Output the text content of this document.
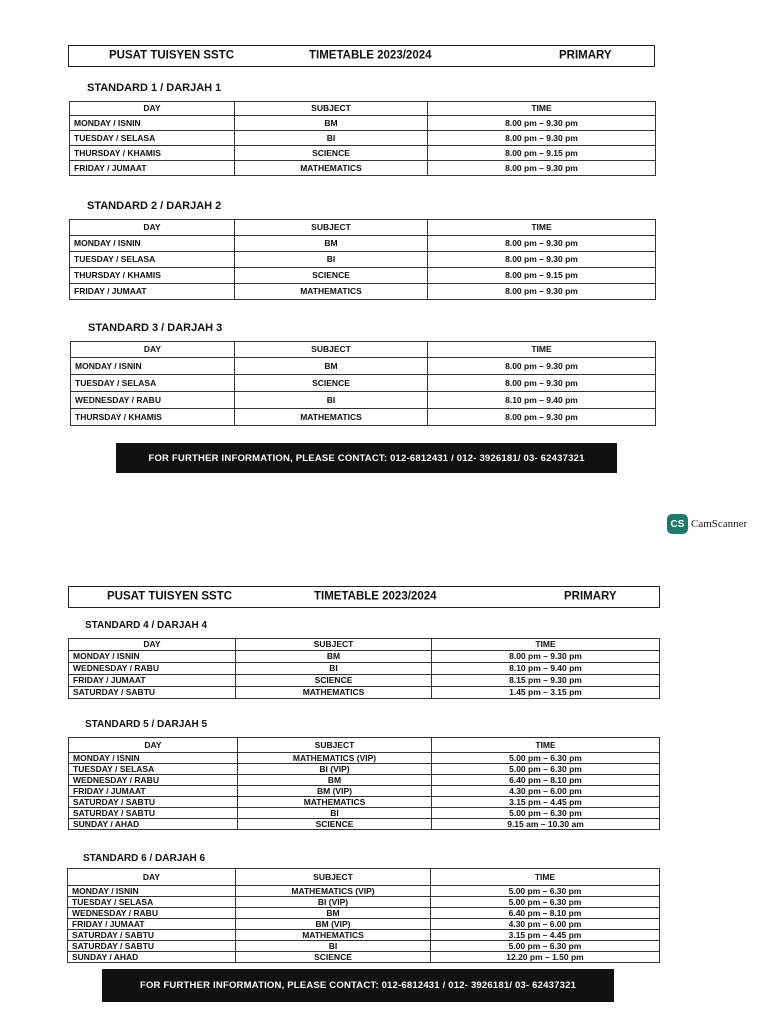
PUSAT TUISYEN SSTC	TIMETABLE 2023/2024	PRIMARY
STANDARD 1 / DARJAH 1
DAY	SUBJECT	TIME
MONDAY / ISNIN	BM	8.00 pm – 9.30 pm
TUESDAY / SELASA	BI	8.00 pm – 9.30 pm
THURSDAY / KHAMIS	SCIENCE	8.00 pm – 9.15 pm
FRIDAY / JUMAAT	MATHEMATICS	8.00 pm – 9.30 pm
STANDARD 2 / DARJAH 2
DAY	SUBJECT	TIME
MONDAY / ISNIN	BM	8.00 pm – 9.30 pm
TUESDAY / SELASA	BI	8.00 pm – 9.30 pm
THURSDAY / KHAMIS	SCIENCE	8.00 pm – 9.15 pm
FRIDAY / JUMAAT	MATHEMATICS	8.00 pm – 9.30 pm
STANDARD 3 / DARJAH 3
DAY	SUBJECT	TIME
MONDAY / ISNIN	BM	8.00 pm – 9.30 pm
TUESDAY / SELASA	SCIENCE	8.00 pm – 9.30 pm
WEDNESDAY / RABU	BI	8.10 pm – 9.40 pm
THURSDAY / KHAMIS	MATHEMATICS	8.00 pm – 9.30 pm
FOR FURTHER INFORMATION, PLEASE CONTACT: 012-6812431 / 012- 3926181/ 03- 62437321
CS CamScanner
PUSAT TUISYEN SSTC	TIMETABLE 2023/2024	PRIMARY
STANDARD 4 / DARJAH 4
DAY	SUBJECT	TIME
MONDAY / ISNIN	BM	8.00 pm – 9.30 pm
WEDNESDAY / RABU	BI	8.10 pm – 9.40 pm
FRIDAY / JUMAAT	SCIENCE	8.15 pm – 9.30 pm
SATURDAY / SABTU	MATHEMATICS	1.45 pm – 3.15 pm
STANDARD 5 / DARJAH 5
DAY	SUBJECT	TIME
MONDAY / ISNIN	MATHEMATICS (VIP)	5.00 pm – 6.30 pm
TUESDAY / SELASA	BI (VIP)	5.00 pm – 6.30 pm
WEDNESDAY / RABU	BM	6.40 pm – 8.10 pm
FRIDAY / JUMAAT	BM (VIP)	4.30 pm – 6.00 pm
SATURDAY / SABTU	MATHEMATICS	3.15 pm – 4.45 pm
SATURDAY / SABTU	BI	5.00 pm – 6.30 pm
SUNDAY / AHAD	SCIENCE	9.15 am – 10.30 am
STANDARD 6 / DARJAH 6
DAY	SUBJECT	TIME
MONDAY / ISNIN	MATHEMATICS (VIP)	5.00 pm – 6.30 pm
TUESDAY / SELASA	BI (VIP)	5.00 pm – 6.30 pm
WEDNESDAY / RABU	BM	6.40 pm – 8.10 pm
FRIDAY / JUMAAT	BM (VIP)	4.30 pm – 6.00 pm
SATURDAY / SABTU	MATHEMATICS	3.15 pm – 4.45 pm
SATURDAY / SABTU	BI	5.00 pm – 6.30 pm
SUNDAY / AHAD	SCIENCE	12.20 pm – 1.50 pm
FOR FURTHER INFORMATION, PLEASE CONTACT: 012-6812431 / 012- 3926181/ 03- 62437321
